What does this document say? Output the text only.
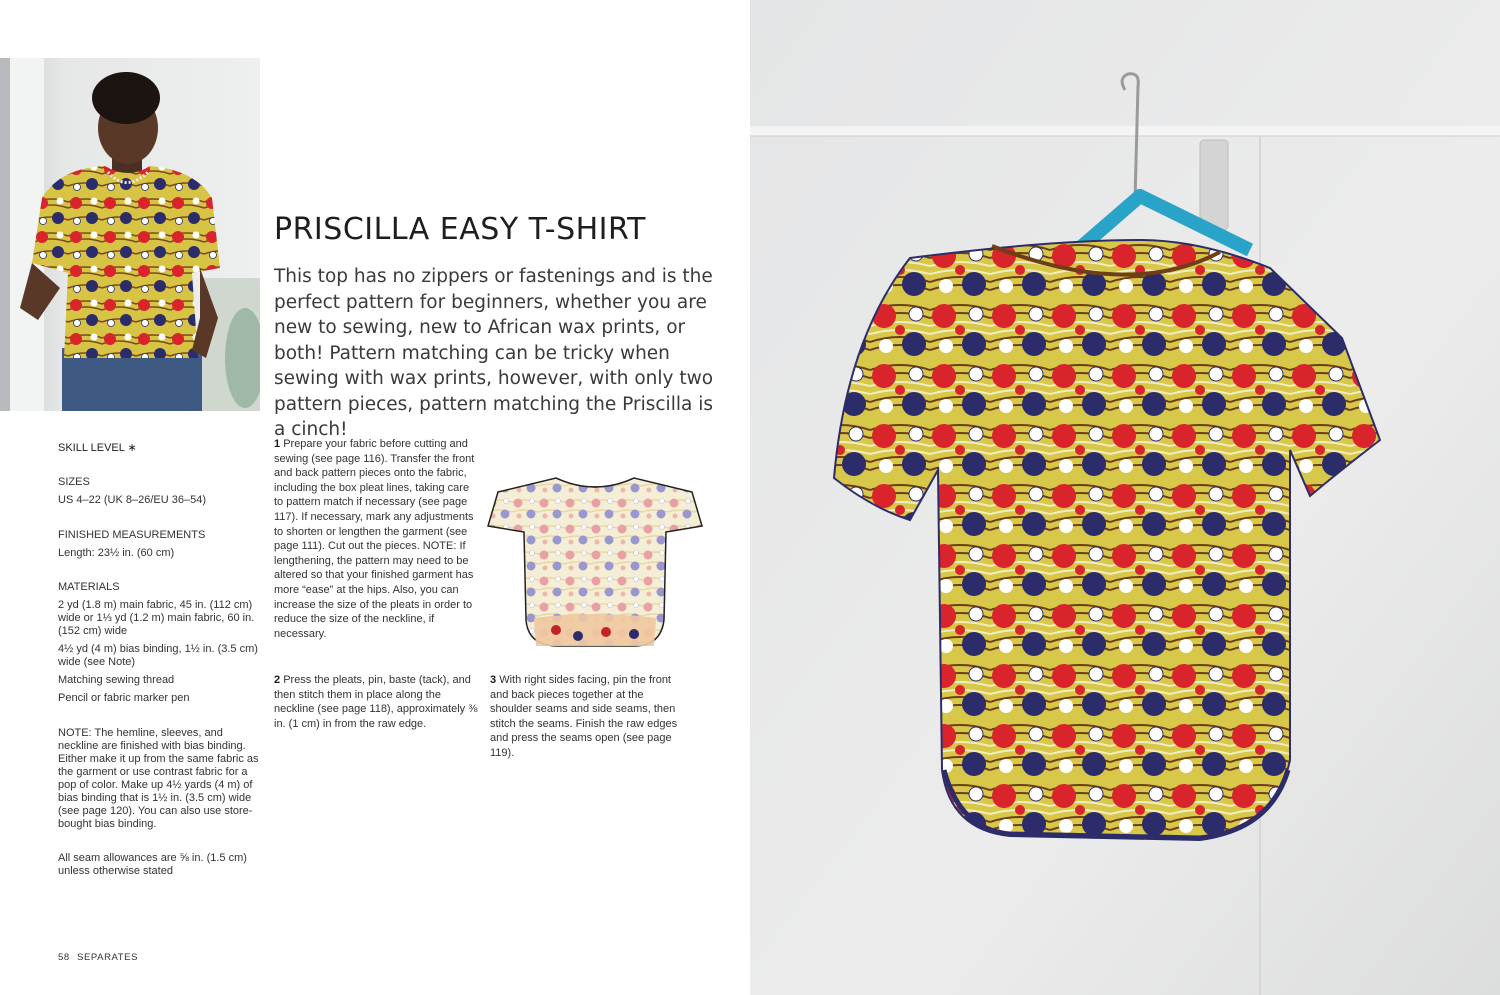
PRISCILLA EASY T-SHIRT

This top has no zippers or fastenings and is the perfect pattern for beginners, whether you are new to sewing, new to African wax prints, or both! Pattern matching can be tricky when sewing with wax prints, however, with only two pattern pieces, pattern matching the Priscilla is a cinch!

SKILL LEVEL ∗

SIZES

US 4–22 (UK 8–26/EU 36–54)

FINISHED MEASUREMENTS

Length: 23½ in. (60 cm)

MATERIALS

2 yd (1.8 m) main fabric, 45 in. (112 cm) wide or 1⅓ yd (1.2 m) main fabric, 60 in. (152 cm) wide

4½ yd (4 m) bias binding, 1½ in. (3.5 cm) wide (see Note)

Matching sewing thread

Pencil or fabric marker pen

NOTE: The hemline, sleeves, and neckline are finished with bias binding. Either make it up from the same fabric as the garment or use contrast fabric for a pop of color. Make up 4½ yards (4 m) of bias binding that is 1½ in. (3.5 cm) wide (see page 120). You can also use store-bought bias binding.

All seam allowances are ⅝ in. (1.5 cm) unless otherwise stated

1 Prepare your fabric before cutting and sewing (see page 116). Transfer the front and back pattern pieces onto the fabric, including the box pleat lines, taking care to pattern match if necessary (see page 117). If necessary, mark any adjustments to shorten or lengthen the garment (see page 111). Cut out the pieces. NOTE: If lengthening, the pattern may need to be altered so that your finished garment has more “ease” at the hips. Also, you can increase the size of the pleats in order to reduce the size of the neckline, if necessary.

2 Press the pleats, pin, baste (tack), and then stitch them in place along the neckline (see page 118), approximately ⅜ in. (1 cm) in from the raw edge.

3 With right sides facing, pin the front and back pieces together at the shoulder seams and side seams, then stitch the seams. Finish the raw edges and press the seams open (see page 119).

58 SEPARATES
